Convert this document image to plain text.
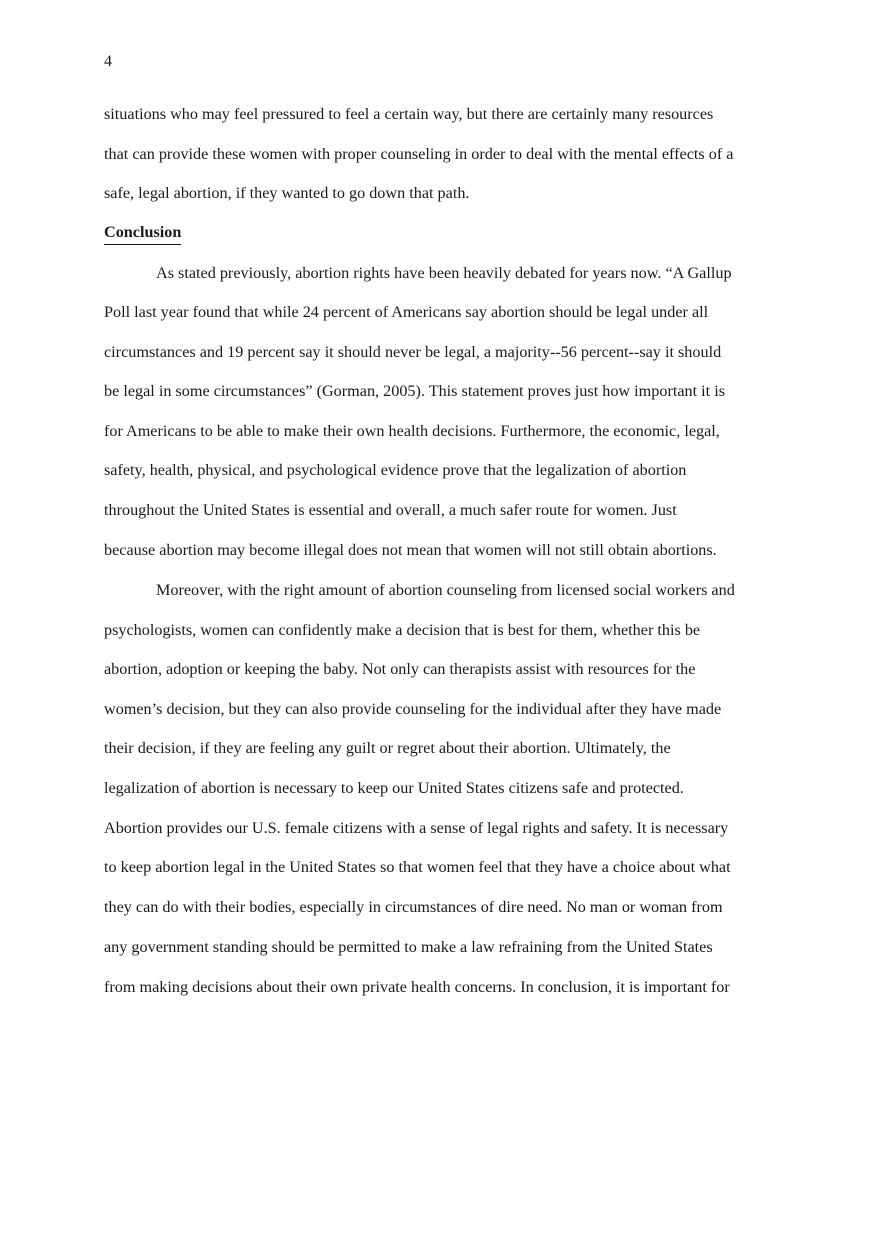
4

situations who may feel pressured to feel a certain way, but there are certainly many resources

that can provide these women with proper counseling in order to deal with the mental effects of a

safe, legal abortion, if they wanted to go down that path.

Conclusion

As stated previously, abortion rights have been heavily debated for years now. “A Gallup

Poll last year found that while 24 percent of Americans say abortion should be legal under all

circumstances and 19 percent say it should never be legal, a majority--56 percent--say it should

be legal in some circumstances” (Gorman, 2005). This statement proves just how important it is

for Americans to be able to make their own health decisions. Furthermore, the economic, legal,

safety, health, physical, and psychological evidence prove that the legalization of abortion

throughout the United States is essential and overall, a much safer route for women. Just

because abortion may become illegal does not mean that women will not still obtain abortions.

Moreover, with the right amount of abortion counseling from licensed social workers and

psychologists, women can confidently make a decision that is best for them, whether this be

abortion, adoption or keeping the baby. Not only can therapists assist with resources for the

women’s decision, but they can also provide counseling for the individual after they have made

their decision, if they are feeling any guilt or regret about their abortion. Ultimately, the

legalization of abortion is necessary to keep our United States citizens safe and protected.

Abortion provides our U.S. female citizens with a sense of legal rights and safety. It is necessary

to keep abortion legal in the United States so that women feel that they have a choice about what

they can do with their bodies, especially in circumstances of dire need. No man or woman from

any government standing should be permitted to make a law refraining from the United States

from making decisions about their own private health concerns. In conclusion, it is important for
